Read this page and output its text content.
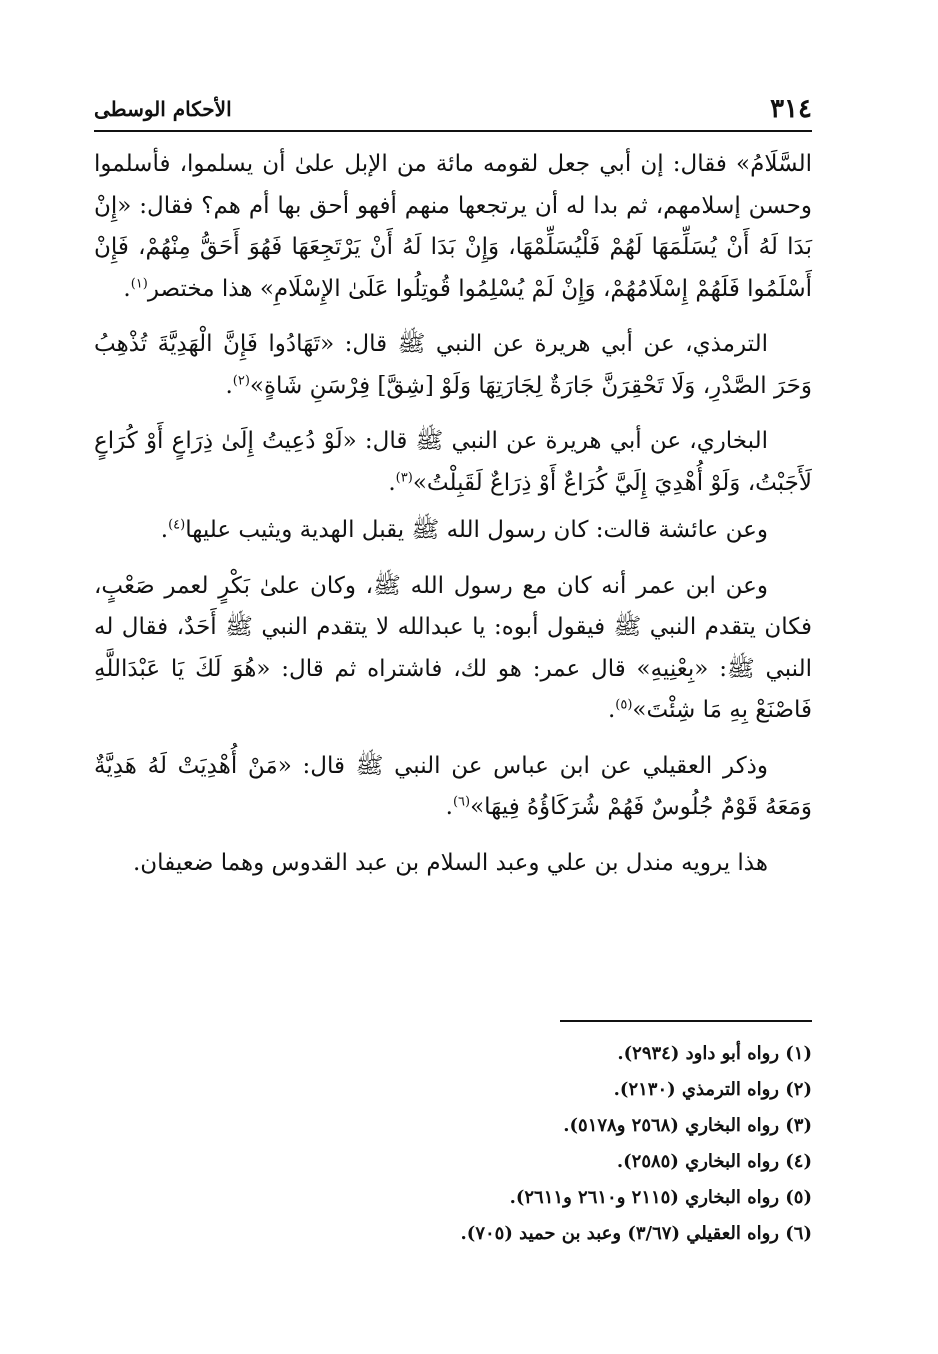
٣١٤
الأحكام الوسطى

السَّلَامُ» فقال: إن أبي جعل لقومه مائة من الإبل علىٰ أن يسلموا، فأسلموا وحسن إسلامهم، ثم بدا له أن يرتجعها منهم أفهو أحق بها أم هم؟ فقال: «إِنْ بَدَا لَهُ أَنْ يُسَلِّمَهَا لَهُمْ فَلْيُسَلِّمْهَا، وَإِنْ بَدَا لَهُ أَنْ يَرْتَجِعَهَا فَهُوَ أَحَقُّ مِنْهُمْ، فَإِنْ أَسْلَمُوا فَلَهُمْ إِسْلَامُهُمْ، وَإِنْ لَمْ يُسْلِمُوا قُوتِلُوا عَلَىٰ الإِسْلَامِ» هذا مختصر$^{(١)}$.

الترمذي، عن أبي هريرة عن النبي ﷺ قال: «تَهَادُوا فَإِنَّ الْهَدِيَّةَ تُذْهِبُ وَحَرَ الصَّدْرِ، وَلَا تَحْقِرَنَّ جَارَةٌ لِجَارَتِهَا وَلَوْ [شِقَّ] فِرْسَنِ شَاةٍ»$^{(٢)}$.

البخاري، عن أبي هريرة عن النبي ﷺ قال: «لَوْ دُعِيتُ إِلَىٰ ذِرَاعٍ أَوْ كُرَاعٍ لَأَجَبْتُ، وَلَوْ أُهْدِيَ إِلَيَّ كُرَاعٌ أَوْ ذِرَاعٌ لَقَبِلْتُ»$^{(٣)}$.

وعن عائشة قالت: كان رسول الله ﷺ يقبل الهدية ويثيب عليها$^{(٤)}$.

وعن ابن عمر أنه كان مع رسول الله ﷺ، وكان علىٰ بَكْرٍ لعمر صَعْبٍ، فكان يتقدم النبي ﷺ فيقول أبوه: يا عبدالله لا يتقدم النبي ﷺ أَحَدٌ، فقال له النبي ﷺ: «بِعْنِيهِ» قال عمر: هو لك، فاشتراه ثم قال: «هُوَ لَكَ يَا عَبْدَاللَّهِ فَاصْنَعْ بِهِ مَا شِئْتَ»$^{(٥)}$.

وذكر العقيلي عن ابن عباس عن النبي ﷺ قال: «مَنْ أُهْدِيَتْ لَهُ هَدِيَّةٌ وَمَعَهُ قَوْمٌ جُلُوسٌ فَهُمْ شُرَكَاؤُهُ فِيهَا»$^{(٦)}$.

هذا يرويه مندل بن علي وعبد السلام بن عبد القدوس وهما ضعيفان.

(١) رواه أبو داود (٢٩٣٤).
(٢) رواه الترمذي (٢١٣٠).
(٣) رواه البخاري (٢٥٦٨ و٥١٧٨).
(٤) رواه البخاري (٢٥٨٥).
(٥) رواه البخاري (٢١١٥ و٢٦١٠ و٢٦١١).
(٦) رواه العقيلي (٣/٦٧) وعبد بن حميد (٧٠٥).
